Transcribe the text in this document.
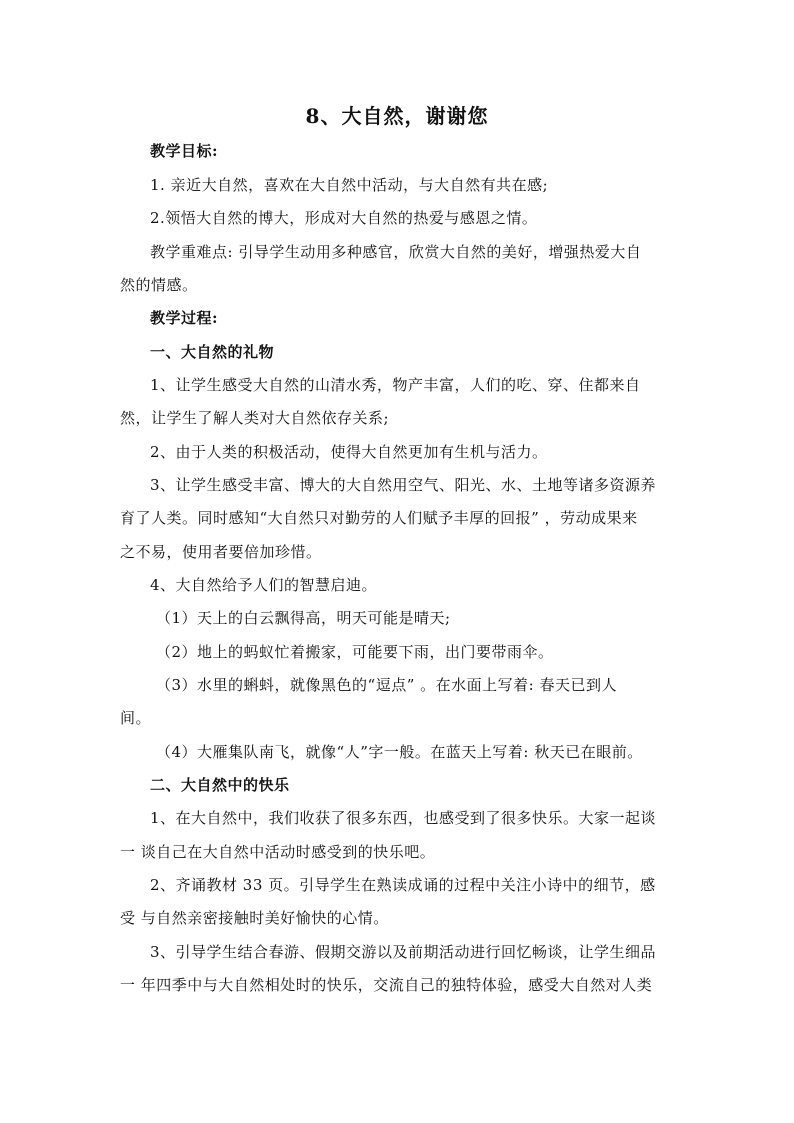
8、大自然，谢谢您
教学目标:
1. 亲近大自然，喜欢在大自然中活动，与大自然有共在感;
2.领悟大自然的博大，形成对大自然的热爱与感恩之情。
教学重难点: 引导学生动用多种感官，欣赏大自然的美好，增强热爱大自
然的情感。
教学过程:
一、大自然的礼物
1、让学生感受大自然的山清水秀，物产丰富，人们的吃、穿、住都来自
然，让学生了解人类对大自然依存关系;
2、由于人类的积极活动，使得大自然更加有生机与活力。
3、让学生感受丰富、博大的大自然用空气、阳光、水、土地等诸多资源养
育了人类。同时感知“大自然只对勤劳的人们赋予丰厚的回报” ，劳动成果来
之不易，使用者要倍加珍惜。
4、大自然给予人们的智慧启迪。
（1）天上的白云飘得高，明天可能是晴天;
（2）地上的蚂蚁忙着搬家，可能要下雨，出门要带雨伞。
（3）水里的蝌蚪，就像黑色的“逗点” 。在水面上写着: 春天已到人
间。
（4）大雁集队南飞，就像“人”字一般。在蓝天上写着: 秋天已在眼前。
二、大自然中的快乐
1、在大自然中，我们收获了很多东西，也感受到了很多快乐。大家一起谈
一 谈自己在大自然中活动时感受到的快乐吧。
2、齐诵教材 33 页。引导学生在熟读成诵的过程中关注小诗中的细节，感
受 与自然亲密接触时美好愉快的心情。
3、引导学生结合春游、假期交游以及前期活动进行回忆畅谈，让学生细品
一 年四季中与大自然相处时的快乐，交流自己的独特体验，感受大自然对人类
